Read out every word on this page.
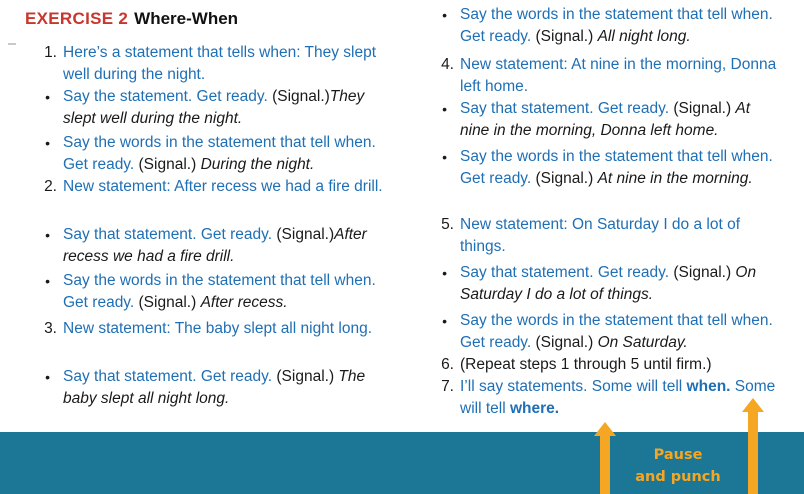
EXERCISE 2 Where-When
1. Here’s a statement that tells when: They slept well during the night.
• Say the statement. Get ready. (Signal.)They slept well during the night.
• Say the words in the statement that tell when. Get ready. (Signal.) During the night.
2. New statement: After recess we had a fire drill.
• Say that statement. Get ready. (Signal.)After recess we had a fire drill.
• Say the words in the statement that tell when. Get ready. (Signal.) After recess.
3. New statement: The baby slept all night long.
• Say that statement. Get ready. (Signal.) The baby slept all night long.
• Say the words in the statement that tell when. Get ready. (Signal.) All night long.
4. New statement: At nine in the morning, Donna left home.
• Say that statement. Get ready. (Signal.) At nine in the morning, Donna left home.
• Say the words in the statement that tell when. Get ready. (Signal.) At nine in the morning.
5. New statement: On Saturday I do a lot of things.
• Say that statement. Get ready. (Signal.) On Saturday I do a lot of things.
• Say the words in the statement that tell when. Get ready. (Signal.) On Saturday.
6. (Repeat steps 1 through 5 until firm.)
7. I’ll say statements. Some will tell when. Some will tell where.
Pause
and punch
